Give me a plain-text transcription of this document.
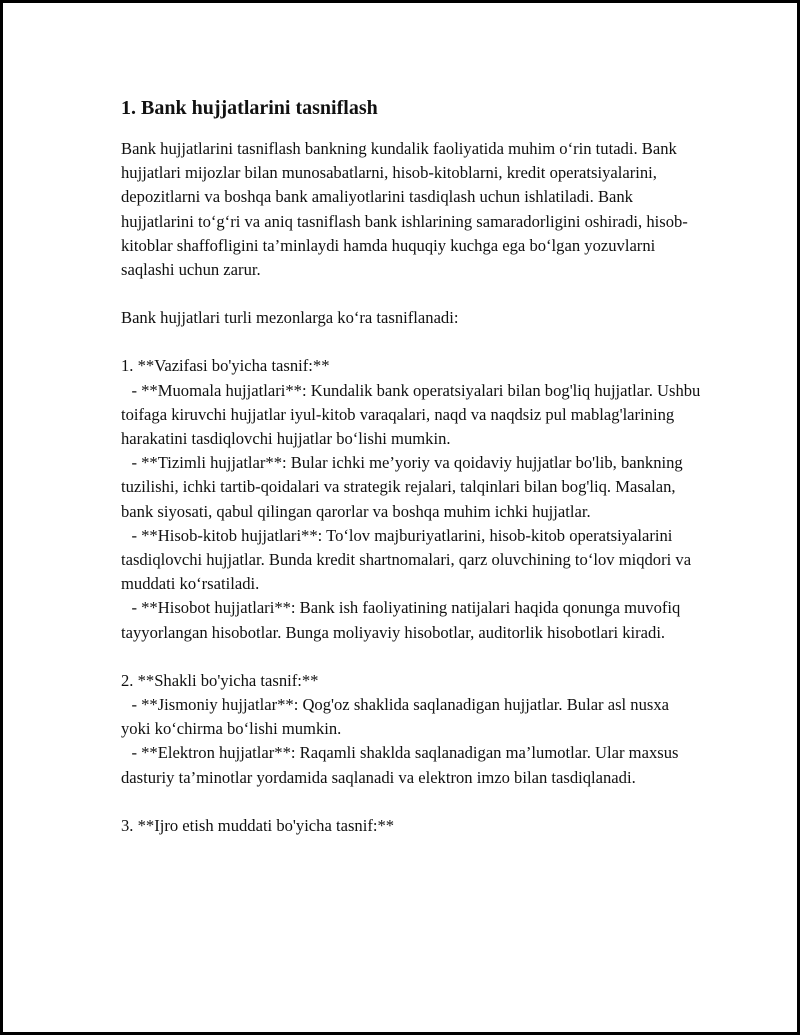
1. Bank hujjatlarini tasniflash

Bank hujjatlarini tasniflash bankning kundalik faoliyatida muhim o‘rin tutadi. Bank hujjatlari mijozlar bilan munosabatlarni, hisob-kitoblarni, kredit operatsiyalarini, depozitlarni va boshqa bank amaliyotlarini tasdiqlash uchun ishlatiladi. Bank hujjatlarini to‘g‘ri va aniq tasniflash bank ishlarining samaradorligini oshiradi, hisob-kitoblar shaffofligini ta’minlaydi hamda huquqiy kuchga ega bo‘lgan yozuvlarni saqlashi uchun zarur.

Bank hujjatlari turli mezonlarga ko‘ra tasniflanadi:

1. **Vazifasi bo'yicha tasnif:**

- **Muomala hujjatlari**: Kundalik bank operatsiyalari bilan bog'liq hujjatlar. Ushbu toifaga kiruvchi hujjatlar iyul-kitob varaqalari, naqd va naqdsiz pul mablag'larining harakatini tasdiqlovchi hujjatlar bo‘lishi mumkin.

- **Tizimli hujjatlar**: Bular ichki me’yoriy va qoidaviy hujjatlar bo'lib, bankning tuzilishi, ichki tartib-qoidalari va strategik rejalari, talqinlari bilan bog'liq. Masalan, bank siyosati, qabul qilingan qarorlar va boshqa muhim ichki hujjatlar.

- **Hisob-kitob hujjatlari**: To‘lov majburiyatlarini, hisob-kitob operatsiyalarini tasdiqlovchi hujjatlar. Bunda kredit shartnomalari, qarz oluvchining to‘lov miqdori va muddati ko‘rsatiladi.

- **Hisobot hujjatlari**: Bank ish faoliyatining natijalari haqida qonunga muvofiq tayyorlangan hisobotlar. Bunga moliyaviy hisobotlar, auditorlik hisobotlari kiradi.

2. **Shakli bo'yicha tasnif:**

- **Jismoniy hujjatlar**: Qog'oz shaklida saqlanadigan hujjatlar. Bular asl nusxa yoki ko‘chirma bo‘lishi mumkin.

- **Elektron hujjatlar**: Raqamli shaklda saqlanadigan ma’lumotlar. Ular maxsus dasturiy ta’minotlar yordamida saqlanadi va elektron imzo bilan tasdiqlanadi.

3. **Ijro etish muddati bo'yicha tasnif:**
